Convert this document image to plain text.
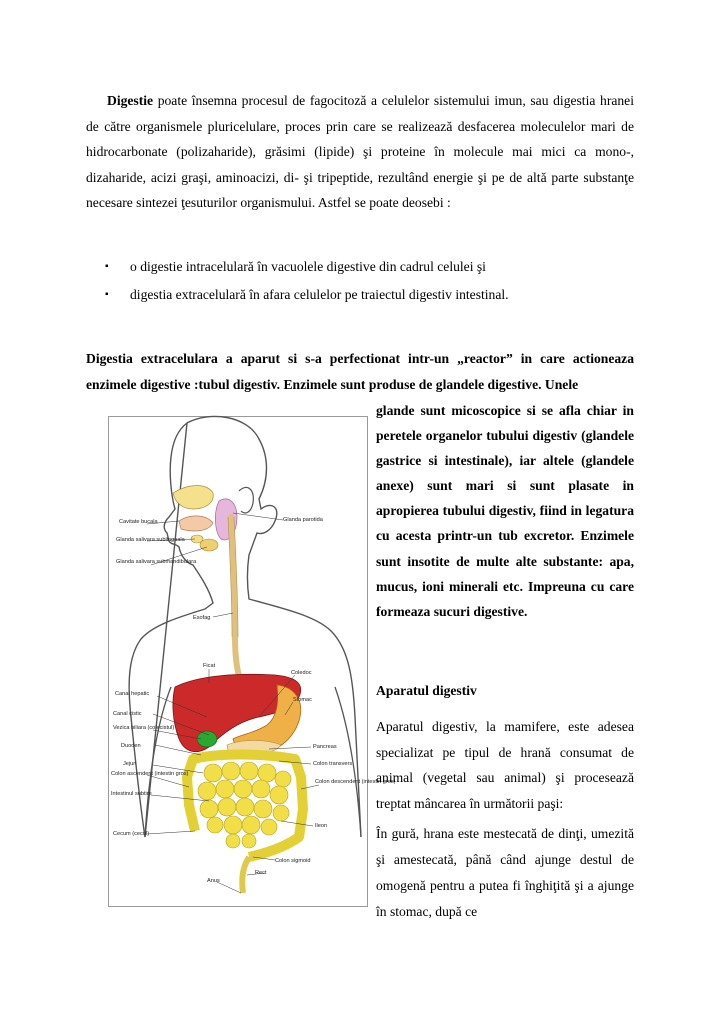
Digestie poate însemna procesul de fagocitoză a celulelor sistemului imun, sau digestia hranei de către organismele pluricelulare, proces prin care se realizează desfacerea moleculelor mari de hidrocarbonate (polizaharide), grăsimi (lipide) şi proteine în molecule mai mici ca mono-, dizaharide, acizi graşi, aminoacizi, di- şi tripeptide, rezultând energie şi pe de altă parte substanţe necesare sintezei ţesuturilor organismului. Astfel se poate deosebi :

▪ o digestie intracelulară în vacuolele digestive din cadrul celulei şi
▪ digestia extracelulară în afara celulelor pe traiectul digestiv intestinal.

Digestia extracelulara a aparut si s-a perfectionat intr-un „reactor” in care actioneaza enzimele digestive :tubul digestiv. Enzimele sunt produse de glandele digestive. Unele

Cavitate bucala
Glanda salivara sublinguala
Glanda salivara submandibulara
Glanda parotida
Esofag
Ficat
Coledoc
Canal hepatic
Stomac
Canal cistic
Vezica biliara (colecistul)
Duoden	Pancreas
Jejun	Colon transvers
Colon ascendent (intestin gros)
Intestinul subtire
Colon descendent (intestin gros)
Ileon
Cecum (cecul)
Colon sigmoid
Rect
Anus

glande sunt micoscopice si se afla chiar in peretele organelor tubului digestiv (glandele gastrice si intestinale), iar altele (glandele anexe) sunt mari si sunt plasate in apropierea tubului digestiv, fiind in legatura cu acesta printr-un tub excretor. Enzimele sunt insotite de multe alte substante: apa, mucus, ioni minerali etc. Impreuna cu care formeaza sucuri digestive.

Aparatul digestiv

Aparatul digestiv, la mamifere, este adesea specializat pe tipul de hrană consumat de animal (vegetal sau animal) şi procesează treptat mâncarea în următorii paşi:

În gură, hrana este mestecată de dinţi, umezită şi amestecată, până când ajunge destul de omogenă pentru a putea fi înghiţită şi a ajunge în stomac, după ce
